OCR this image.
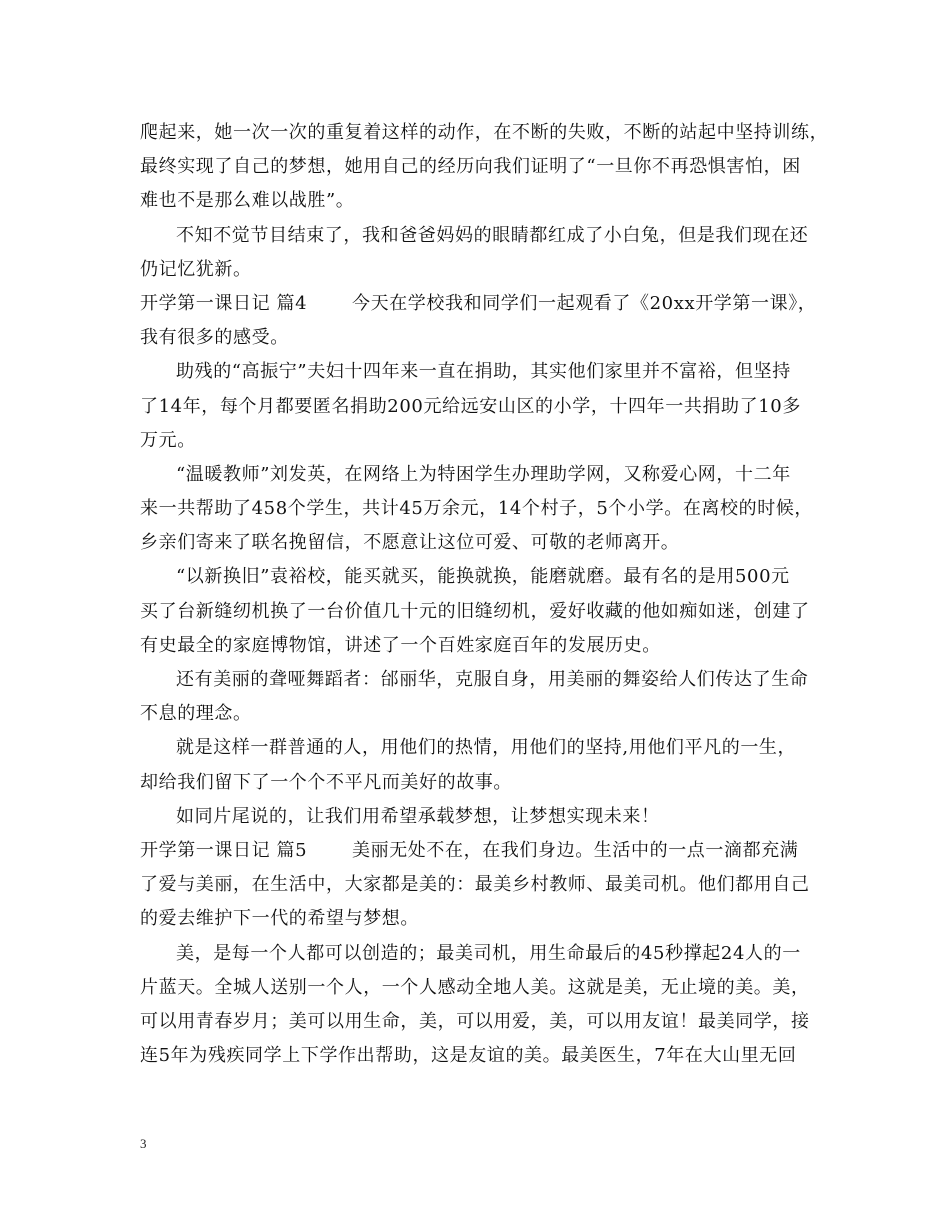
爬起来，她一次一次的重复着这样的动作，在不断的失败，不断的站起中坚持训练，
最终实现了自己的梦想，她用自己的经历向我们证明了“一旦你不再恐惧害怕，困
难也不是那么难以战胜”。
不知不觉节目结束了，我和爸爸妈妈的眼睛都红成了小白兔，但是我们现在还
仍记忆犹新。
开学第一课日记 篇4 今天在学校我和同学们一起观看了《20xx开学第一课》，
我有很多的感受。
助残的“高振宁”夫妇十四年来一直在捐助，其实他们家里并不富裕，但坚持
了14年，每个月都要匿名捐助200元给远安山区的小学，十四年一共捐助了10多
万元。
“温暖教师”刘发英，在网络上为特困学生办理助学网，又称爱心网，十二年
来一共帮助了458个学生，共计45万余元，14个村子，5个小学。在离校的时候，
乡亲们寄来了联名挽留信，不愿意让这位可爱、可敬的老师离开。
“以新换旧”袁裕校，能买就买，能换就换，能磨就磨。最有名的是用500元
买了台新缝纫机换了一台价值几十元的旧缝纫机，爱好收藏的他如痴如迷，创建了
有史最全的家庭博物馆，讲述了一个百姓家庭百年的发展历史。
还有美丽的聋哑舞蹈者：邰丽华，克服自身，用美丽的舞姿给人们传达了生命
不息的理念。
就是这样一群普通的人，用他们的热情，用他们的坚持,用他们平凡的一生，
却给我们留下了一个个不平凡而美好的故事。
如同片尾说的，让我们用希望承载梦想，让梦想实现未来！
开学第一课日记 篇5 美丽无处不在，在我们身边。生活中的一点一滴都充满
了爱与美丽，在生活中，大家都是美的：最美乡村教师、最美司机。他们都用自己
的爱去维护下一代的希望与梦想。
美，是每一个人都可以创造的；最美司机，用生命最后的45秒撑起24人的一
片蓝天。全城人送别一个人，一个人感动全地人美。这就是美，无止境的美。美，
可以用青春岁月；美可以用生命，美，可以用爱，美，可以用友谊！最美同学，接
连5年为残疾同学上下学作出帮助，这是友谊的美。最美医生，7年在大山里无回
3
